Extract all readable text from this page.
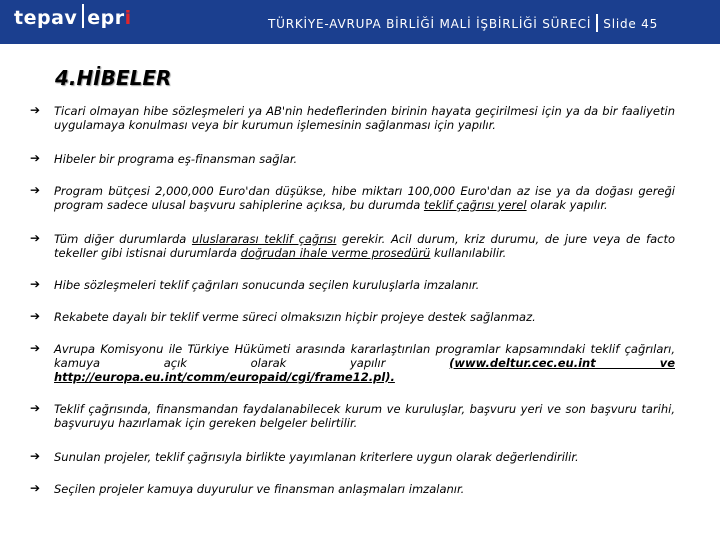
tepav epri	TÜRKİYE-AVRUPA BİRLİĞİ MALİ İŞBİRLİĞİ SÜRECİ Slide 45
4.HİBELER
➔ Ticari olmayan hibe sözleşmeleri ya AB'nin hedeflerinden birinin hayata geçirilmesi için ya da bir faaliyetin uygulamaya konulması veya bir kurumun işlemesinin sağlanması için yapılır.
➔ Hibeler bir programa eş-finansman sağlar.
➔ Program bütçesi 2,000,000 Euro'dan düşükse, hibe miktarı 100,000 Euro'dan az ise ya da doğası gereği program sadece ulusal başvuru sahiplerine açıksa, bu durumda teklif çağrısı yerel olarak yapılır.
➔ Tüm diğer durumlarda uluslararası teklif çağrısı gerekir. Acil durum, kriz durumu, de jure veya de facto tekeller gibi istisnai durumlarda doğrudan ihale verme prosedürü kullanılabilir.
➔ Hibe sözleşmeleri teklif çağrıları sonucunda seçilen kuruluşlarla imzalanır.
➔ Rekabete dayalı bir teklif verme süreci olmaksızın hiçbir projeye destek sağlanmaz.
➔ Avrupa Komisyonu ile Türkiye Hükümeti arasında kararlaştırılan programlar kapsamındaki teklif çağrıları, kamuya açık olarak yapılır (www.deltur.cec.eu.int ve http://europa.eu.int/comm/europaid/cgi/frame12.pl).
➔ Teklif çağrısında, finansmandan faydalanabilecek kurum ve kuruluşlar, başvuru yeri ve son başvuru tarihi, başvuruyu hazırlamak için gereken belgeler belirtilir.
➔ Sunulan projeler, teklif çağrısıyla birlikte yayımlanan kriterlere uygun olarak değerlendirilir.
➔ Seçilen projeler kamuya duyurulur ve finansman anlaşmaları imzalanır.
